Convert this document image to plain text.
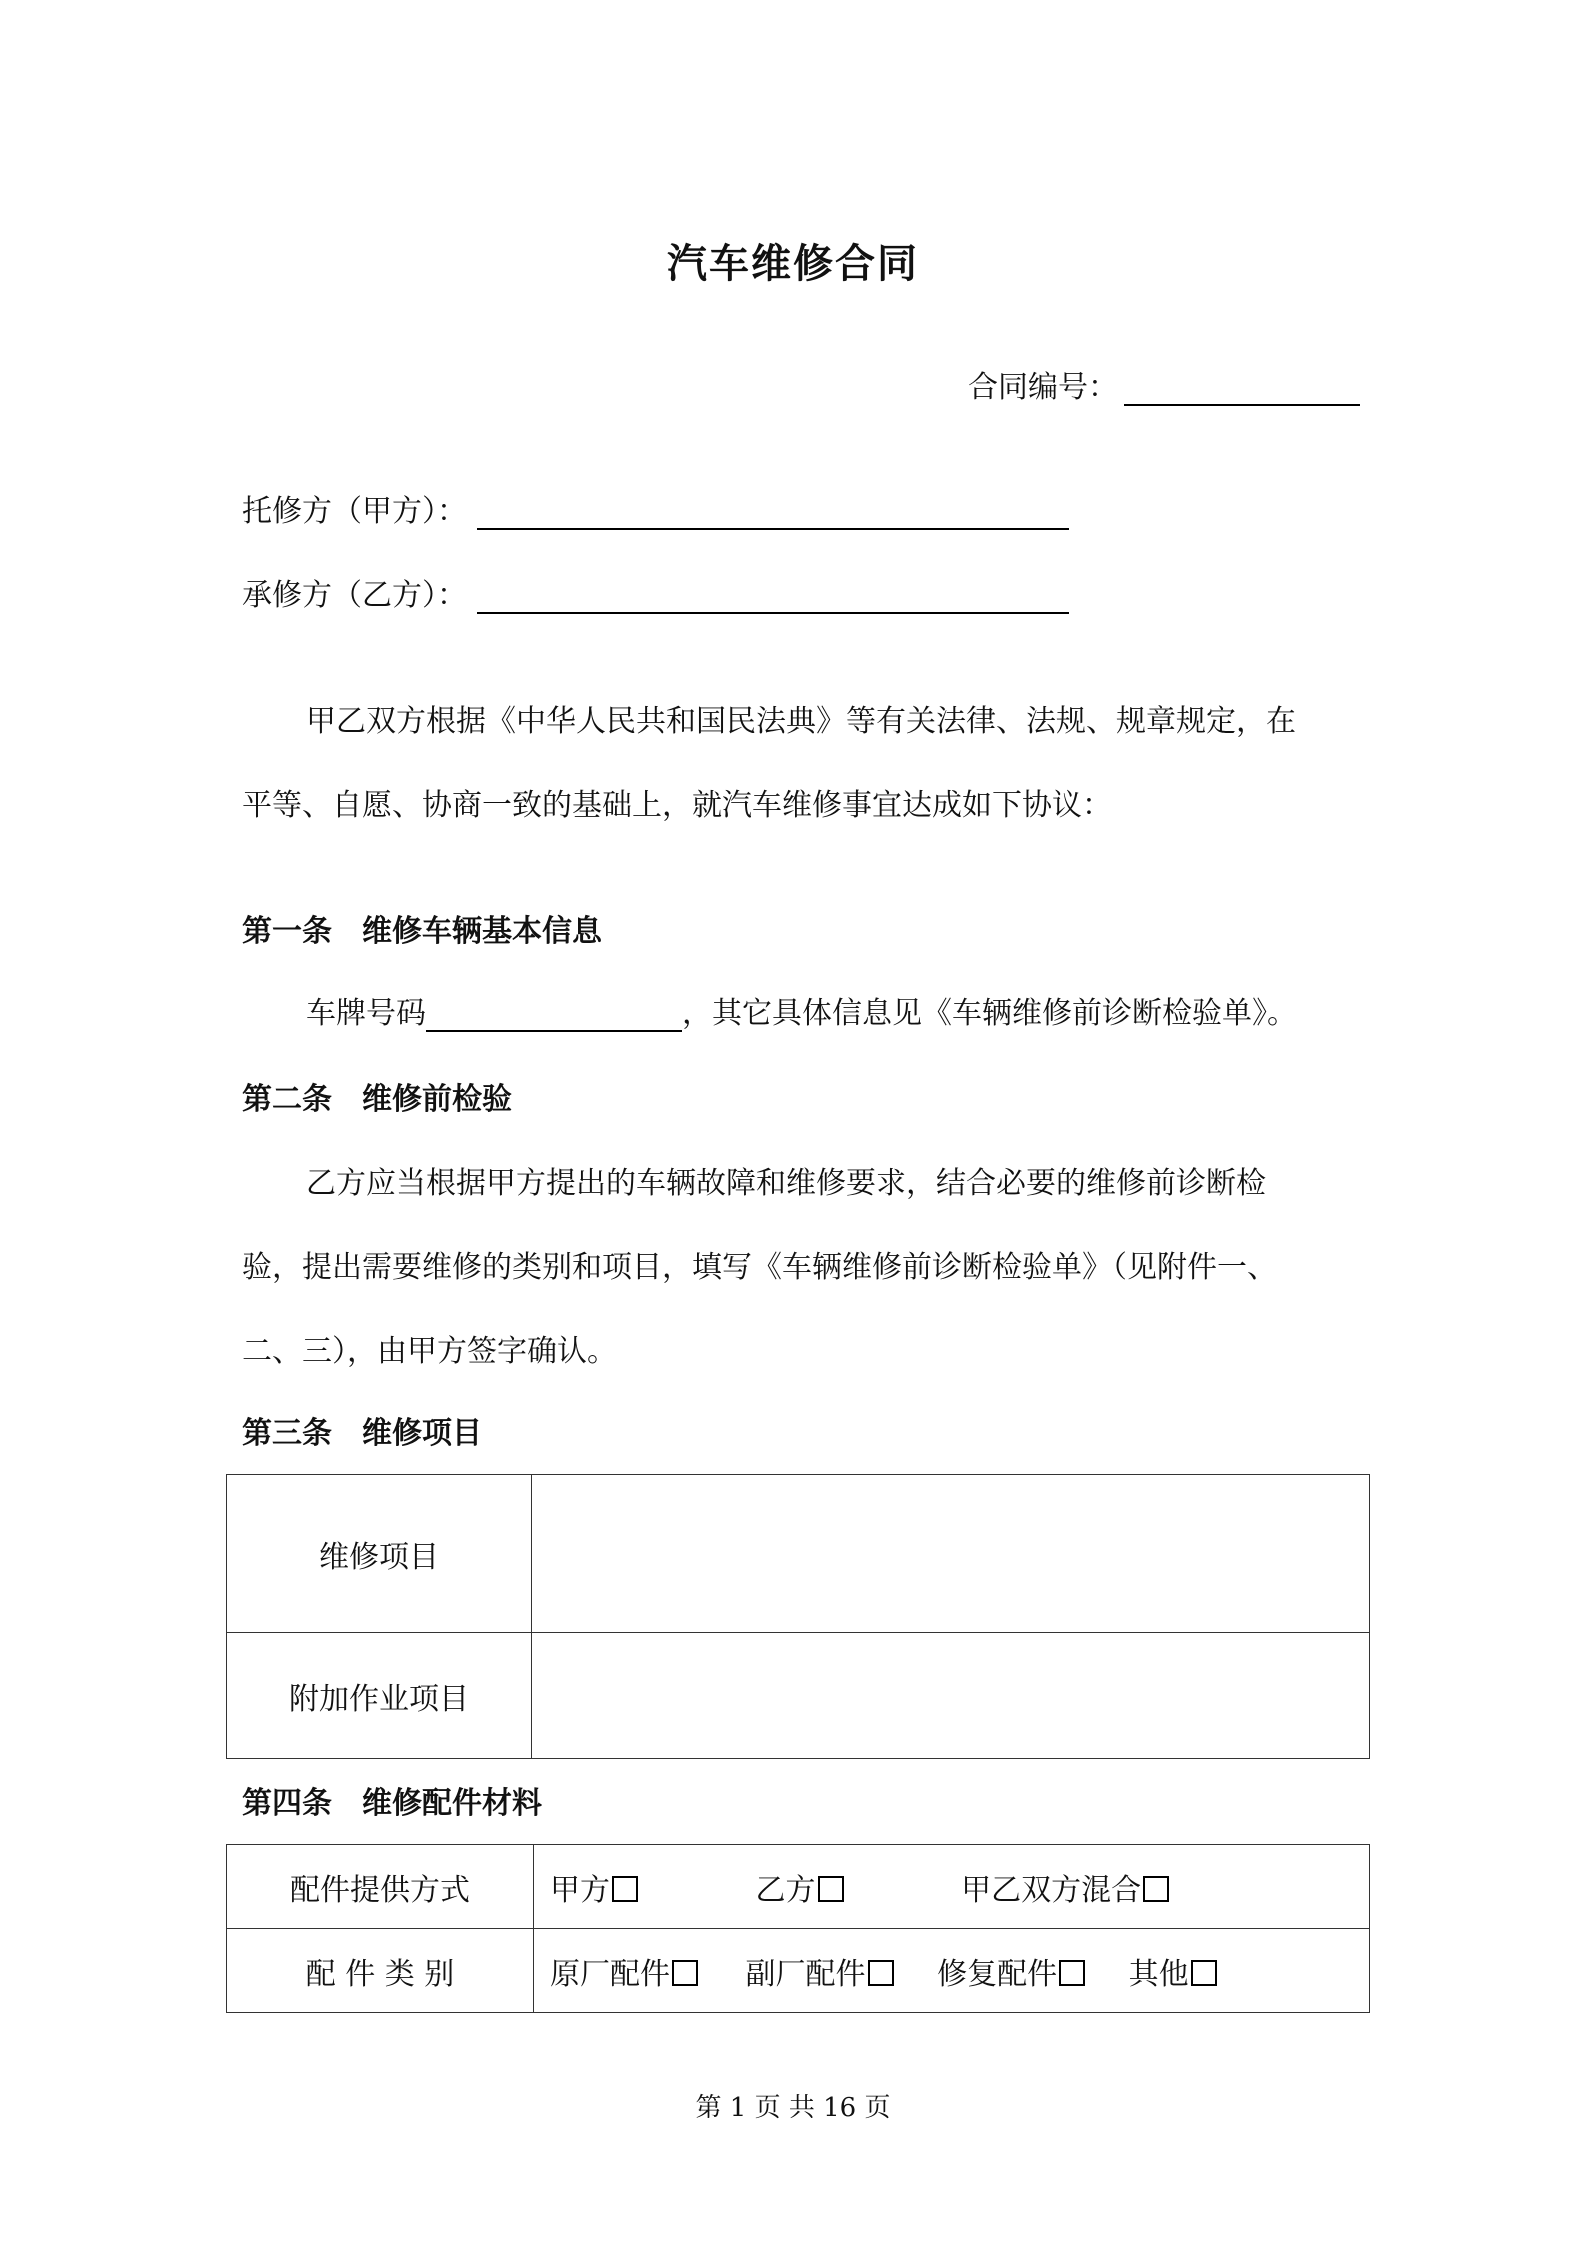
汽车维修合同
合同编号：
托修方（甲方）：
承修方（乙方）：
甲乙双方根据《中华人民共和国民法典》等有关法律、法规、规章规定，在
平等、自愿、协商一致的基础上，就汽车维修事宜达成如下协议：
第一条　维修车辆基本信息
车牌号码	，其它具体信息见《车辆维修前诊断检验单》。
第二条　维修前检验
乙方应当根据甲方提出的车辆故障和维修要求，结合必要的维修前诊断检
验，提出需要维修的类别和项目，填写《车辆维修前诊断检验单》（见附件一、
二、三），由甲方签字确认。
第三条　维修项目
维修项目	
附加作业项目	
第四条　维修配件材料
配件提供方式	甲方 乙方 甲乙双方混合
配 件 类 别	原厂配件 副厂配件 修复配件 其他
第 1 页 共 16 页
